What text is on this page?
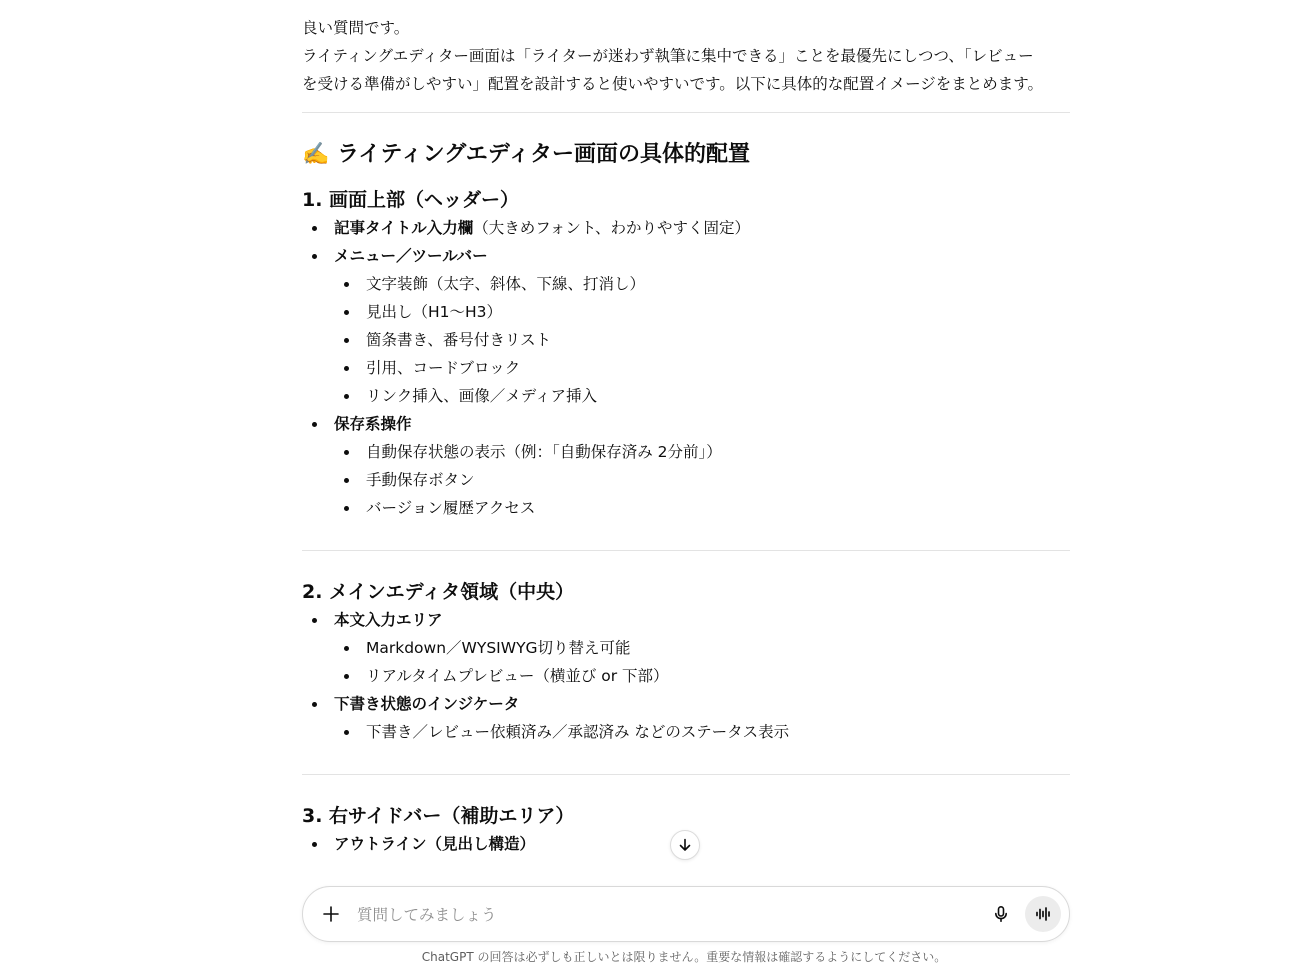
良い質問です。

ライティングエディター画面は「ライターが迷わず執筆に集中できる」ことを最優先にしつつ、「レビュー

を受ける準備がしやすい」配置を設計すると使いやすいです。以下に具体的な配置イメージをまとめます。

✍️ ライティングエディター画面の具体的配置
1. 画面上部（ヘッダー）
記事タイトル入力欄（大きめフォント、わかりやすく固定）
メニュー／ツールバー
文字装飾（太字、斜体、下線、打消し）
見出し（H1〜H3）
箇条書き、番号付きリスト
引用、コードブロック
リンク挿入、画像／メディア挿入
保存系操作
自動保存状態の表示（例：「自動保存済み 2分前」）
手動保存ボタン
バージョン履歴アクセス
2. メインエディタ領域（中央）
本文入力エリア
Markdown／WYSIWYG切り替え可能
リアルタイムプレビュー（横並び or 下部）
下書き状態のインジケータ
下書き／レビュー依頼済み／承認済み などのステータス表示
3. 右サイドバー（補助エリア）
アウトライン（見出し構造）
質問してみましょう
ChatGPT の回答は必ずしも正しいとは限りません。重要な情報は確認するようにしてください。
